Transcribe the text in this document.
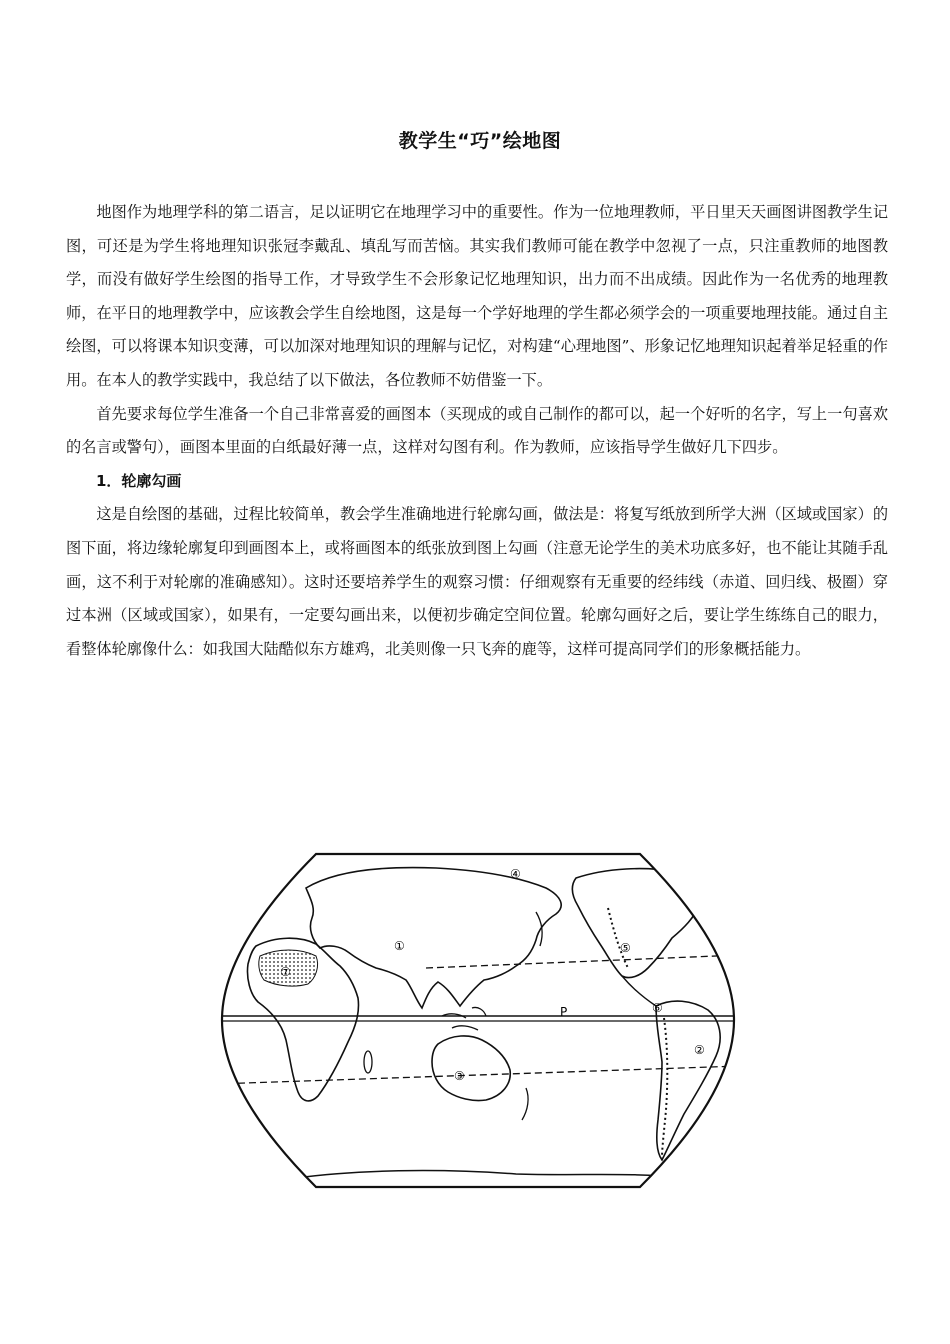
教学生“巧”绘地图

地图作为地理学科的第二语言，足以证明它在地理学习中的重要性。作为一位地理教师，平日里天天画图讲图教学生记图，可还是为学生将地理知识张冠李戴乱、填乱写而苦恼。其实我们教师可能在教学中忽视了一点，只注重教师的地图教学，而没有做好学生绘图的指导工作，才导致学生不会形象记忆地理知识，出力而不出成绩。因此作为一名优秀的地理教师，在平日的地理教学中，应该教会学生自绘地图，这是每一个学好地理的学生都必须学会的一项重要地理技能。通过自主绘图，可以将课本知识变薄，可以加深对地理知识的理解与记忆，对构建“心理地图”、形象记忆地理知识起着举足轻重的作用。在本人的教学实践中，我总结了以下做法，各位教师不妨借鉴一下。

首先要求每位学生准备一个自己非常喜爱的画图本（买现成的或自己制作的都可以，起一个好听的名字，写上一句喜欢的名言或警句），画图本里面的白纸最好薄一点，这样对勾图有利。作为教师，应该指导学生做好几下四步。

1．轮廓勾画

这是自绘图的基础，过程比较简单，教会学生准确地进行轮廓勾画，做法是：将复写纸放到所学大洲（区域或国家）的图下面，将边缘轮廓复印到画图本上，或将画图本的纸张放到图上勾画（注意无论学生的美术功底多好，也不能让其随手乱画，这不利于对轮廓的准确感知）。这时还要培养学生的观察习惯：仔细观察有无重要的经纬线（赤道、回归线、极圈）穿过本洲（区域或国家），如果有，一定要勾画出来，以便初步确定空间位置。轮廓勾画好之后，要让学生练练自己的眼力，看整体轮廓像什么：如我国大陆酷似东方雄鸡，北美则像一只飞奔的鹿等，这样可提高同学们的形象概括能力。

①
②
③
④
⑤
⑥
⑦
P
